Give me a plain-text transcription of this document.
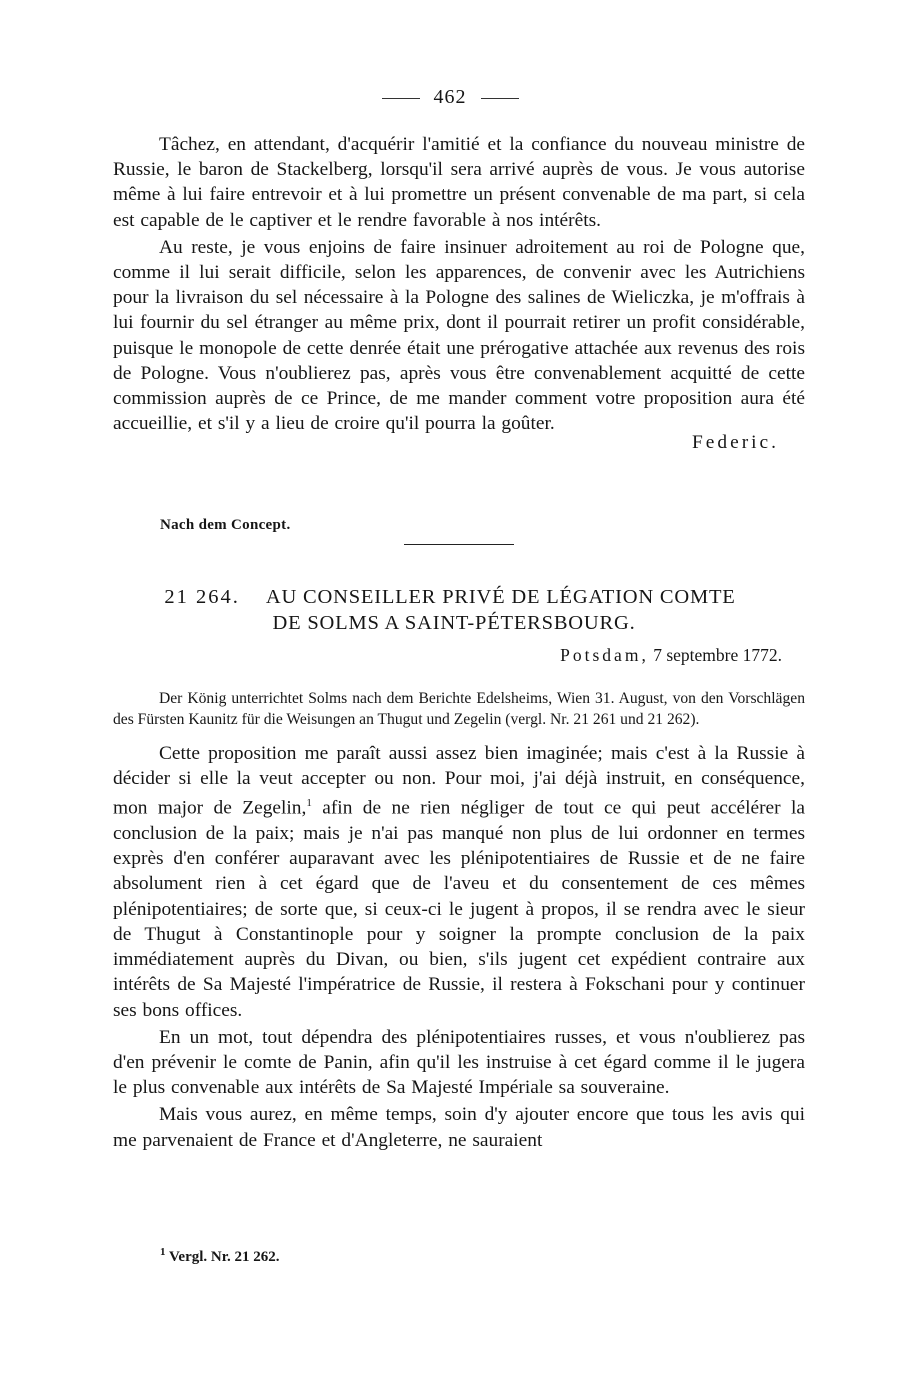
462

Tâchez, en attendant, d'acquérir l'amitié et la confiance du nouveau ministre de Russie, le baron de Stackelberg, lorsqu'il sera arrivé auprès de vous. Je vous autorise même à lui faire entrevoir et à lui promettre un présent convenable de ma part, si cela est capable de le captiver et le rendre favorable à nos intérêts.

Au reste, je vous enjoins de faire insinuer adroitement au roi de Pologne que, comme il lui serait difficile, selon les apparences, de convenir avec les Autrichiens pour la livraison du sel nécessaire à la Pologne des salines de Wieliczka, je m'offrais à lui fournir du sel étranger au même prix, dont il pourrait retirer un profit considérable, puisque le monopole de cette denrée était une prérogative attachée aux revenus des rois de Pologne. Vous n'oublierez pas, après vous être convenablement acquitté de cette commission auprès de ce Prince, de me mander comment votre proposition aura été accueillie, et s'il y a lieu de croire qu'il pourra la goûter.

Federic.
Nach dem Concept.
21 264. AU CONSEILLER PRIVÉ DE LÉGATION COMTE
DE SOLMS A SAINT-PÉTERSBOURG.
Potsdam, 7 septembre 1772.

Der König unterrichtet Solms nach dem Berichte Edelsheims, Wien 31. August, von den Vorschlägen des Fürsten Kaunitz für die Weisungen an Thugut und Zegelin (vergl. Nr. 21 261 und 21 262).

Cette proposition me paraît aussi assez bien imaginée; mais c'est à la Russie à décider si elle la veut accepter ou non. Pour moi, j'ai déjà instruit, en conséquence, mon major de Zegelin,$^1$ afin de ne rien négliger de tout ce qui peut accélérer la conclusion de la paix; mais je n'ai pas manqué non plus de lui ordonner en termes exprès d'en conférer auparavant avec les plénipotentiaires de Russie et de ne faire absolument rien à cet égard que de l'aveu et du consentement de ces mêmes plénipotentiaires; de sorte que, si ceux-ci le jugent à propos, il se rendra avec le sieur de Thugut à Constantinople pour y soigner la prompte conclusion de la paix immédiatement auprès du Divan, ou bien, s'ils jugent cet expédient contraire aux intérêts de Sa Majesté l'impératrice de Russie, il restera à Fokschani pour y continuer ses bons offices.

En un mot, tout dépendra des plénipotentiaires russes, et vous n'oublierez pas d'en prévenir le comte de Panin, afin qu'il les instruise à cet égard comme il le jugera le plus convenable aux intérêts de Sa Majesté Impériale sa souveraine.

Mais vous aurez, en même temps, soin d'y ajouter encore que tous les avis qui me parvenaient de France et d'Angleterre, ne sauraient

$^1$ Vergl. Nr. 21 262.
